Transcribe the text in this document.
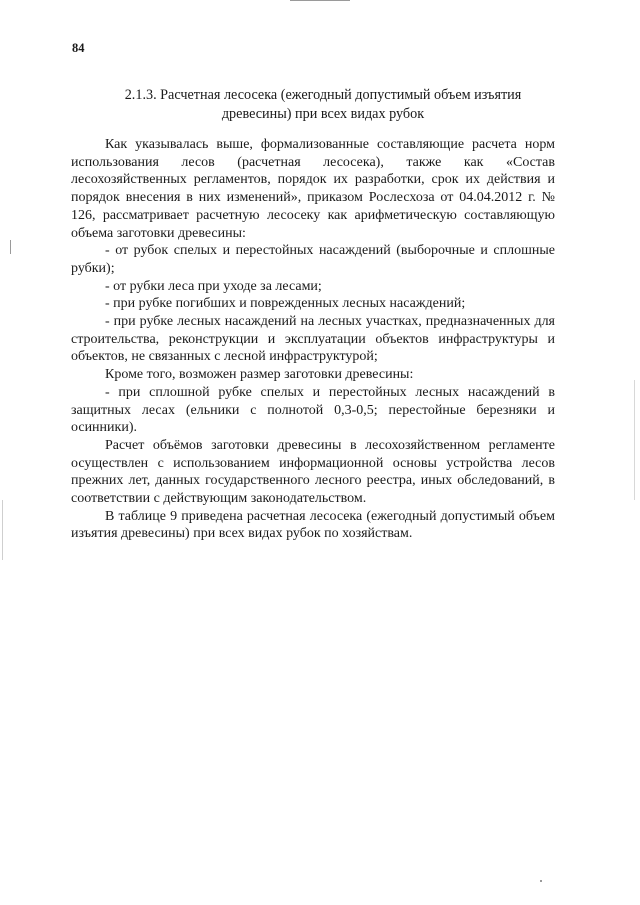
84
2.1.3. Расчетная лесосека (ежегодный допустимый объем изъятия
древесины) при всех видах рубок

Как указывалась выше, формализованные составляющие расчета норм использования лесов (расчетная лесосека), также как «Состав лесохозяйственных регламентов, порядок их разработки, срок их действия и порядок внесения в них изменений», приказом Рослесхоза от 04.04.2012 г. № 126, рассматривает расчетную лесосеку как арифметическую составляющую объема заготовки древесины:

- от рубок спелых и перестойных насаждений (выборочные и сплошные рубки);

- от рубки леса при уходе за лесами;

- при рубке погибших и поврежденных лесных насаждений;

- при рубке лесных насаждений на лесных участках, предназначенных для строительства, реконструкции и эксплуатации объектов инфраструктуры и объектов, не связанных с лесной инфраструктурой;

Кроме того, возможен размер заготовки древесины:

- при сплошной рубке спелых и перестойных лесных насаждений в защитных лесах (ельники с полнотой 0,3-0,5; перестойные березняки и осинники).

Расчет объёмов заготовки древесины в лесохозяйственном регламенте осуществлен с использованием информационной основы устройства лесов прежних лет, данных государственного лесного реестра, иных обследований, в соответствии с действующим законодательством.

В таблице 9 приведена расчетная лесосека (ежегодный допустимый объем изъятия древесины) при всех видах рубок по хозяйствам.
